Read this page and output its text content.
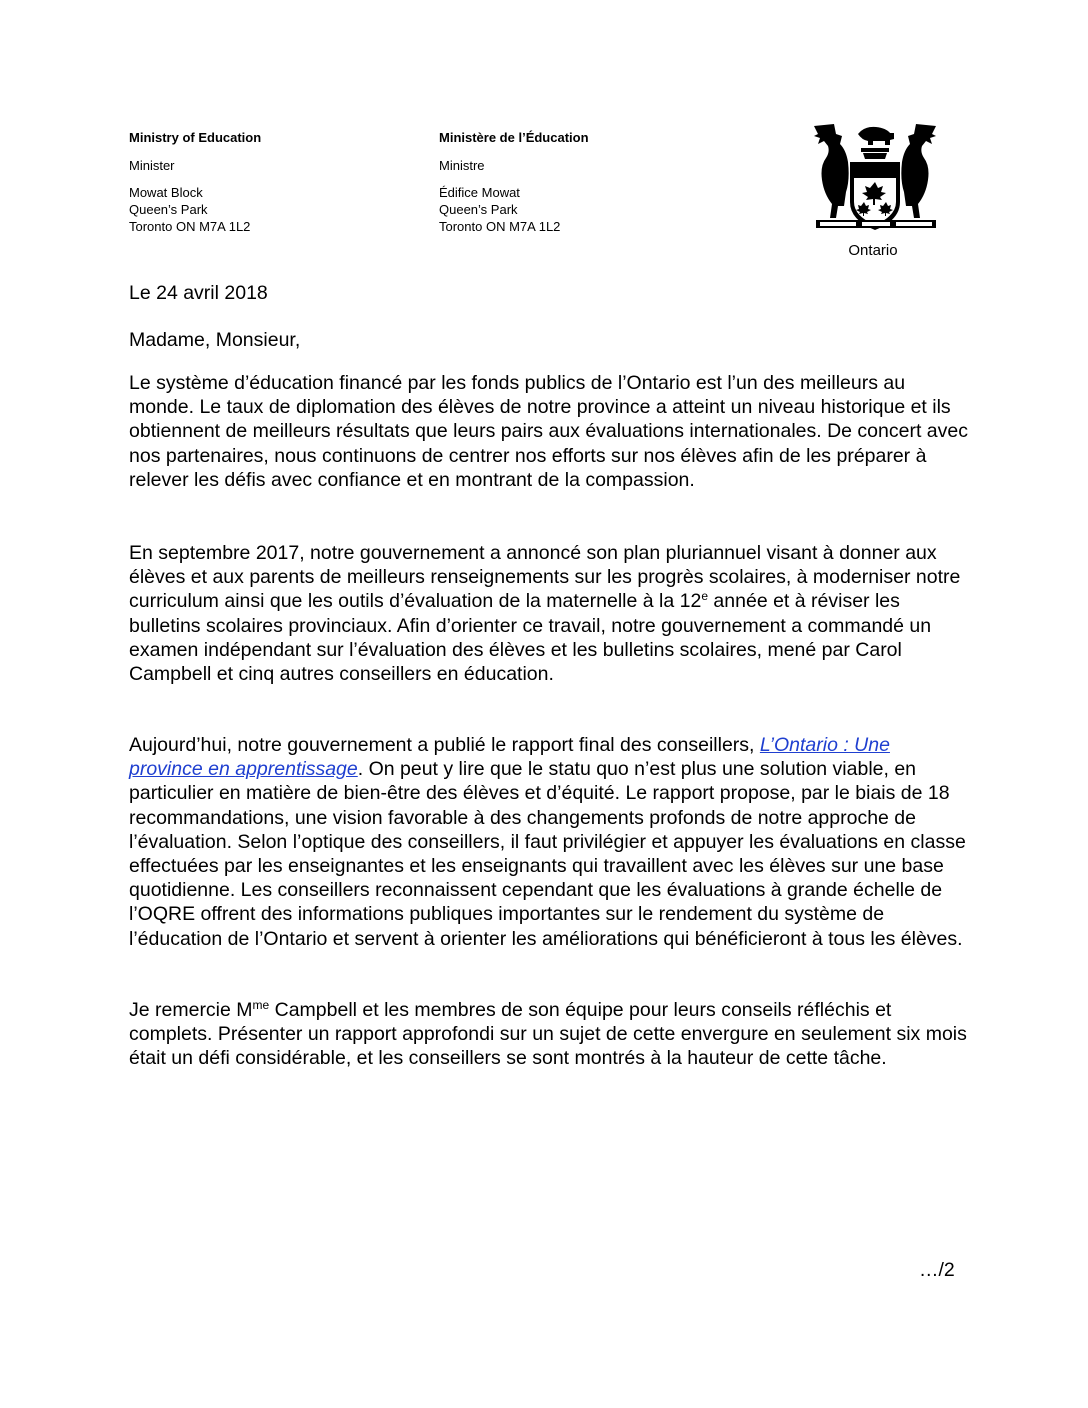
Ministry of Education
Minister
Mowat Block
Queen’s Park
Toronto ON M7A 1L2
Ministère de l’Éducation
Ministre
Édifice Mowat
Queen’s Park
Toronto ON M7A 1L2
Ontario
Le 24 avril 2018
Madame, Monsieur,

Le système d’éducation financé par les fonds publics de l’Ontario est l’un des meilleurs au monde. Le taux de diplomation des élèves de notre province a atteint un niveau historique et ils obtiennent de meilleurs résultats que leurs pairs aux évaluations internationales. De concert avec nos partenaires, nous continuons de centrer nos efforts sur nos élèves afin de les préparer à relever les défis avec confiance et en montrant de la compassion.

En septembre 2017, notre gouvernement a annoncé son plan pluriannuel visant à donner aux élèves et aux parents de meilleurs renseignements sur les progrès scolaires, à moderniser notre curriculum ainsi que les outils d’évaluation de la maternelle à la 12e année et à réviser les bulletins scolaires provinciaux. Afin d’orienter ce travail, notre gouvernement a commandé un examen indépendant sur l’évaluation des élèves et les bulletins scolaires, mené par Carol Campbell et cinq autres conseillers en éducation.

Aujourd’hui, notre gouvernement a publié le rapport final des conseillers, L’Ontario : Une province en apprentissage. On peut y lire que le statu quo n’est plus une solution viable, en particulier en matière de bien-être des élèves et d’équité. Le rapport propose, par le biais de 18 recommandations, une vision favorable à des changements profonds de notre approche de l’évaluation. Selon l’optique des conseillers, il faut privilégier et appuyer les évaluations en classe effectuées par les enseignantes et les enseignants qui travaillent avec les élèves sur une base quotidienne. Les conseillers reconnaissent cependant que les évaluations à grande échelle de l’OQRE offrent des informations publiques importantes sur le rendement du système de l’éducation de l’Ontario et servent à orienter les améliorations qui bénéficieront à tous les élèves.

Je remercie $M^{me}$ Campbell et les membres de son équipe pour leurs conseils réfléchis et complets. Présenter un rapport approfondi sur un sujet de cette envergure en seulement six mois était un défi considérable, et les conseillers se sont montrés à la hauteur de cette tâche.

…/2
